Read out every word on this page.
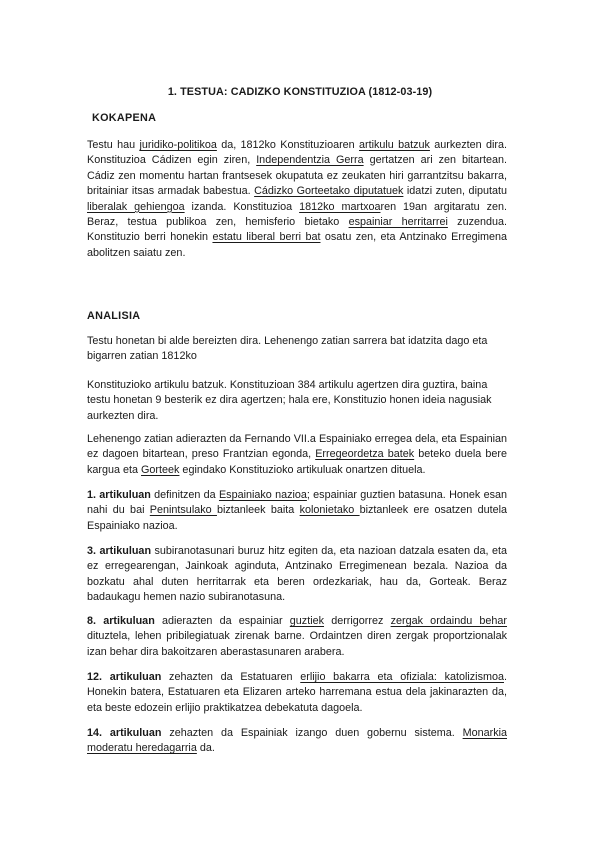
1. TESTUA: CADIZKO KONSTITUZIOA (1812-03-19)
KOKAPENA

Testu hau juridiko-politikoa da, 1812ko Konstituzioaren artikulu batzuk aurkezten dira. Konstituzioa Cádizen egin ziren, Independentzia Gerra gertatzen ari zen bitartean. Cádiz zen momentu hartan frantsesek okupatuta ez zeukaten hiri garrantzitsu bakarra, britainiar itsas armadak babestua. Cádizko Gorteetako diputatuek idatzi zuten, diputatu liberalak gehiengoa izanda. Konstituzioa 1812ko martxoaren 19an argitaratu zen. Beraz, testua publikoa zen, hemisferio bietako espainiar herritarrei zuzendua. Konstituzio berri honekin estatu liberal berri bat osatu zen, eta Antzinako Erregimena abolitzen saiatu zen.

ANALISIA

Testu honetan bi alde bereizten dira. Lehenengo zatian sarrera bat idatzita dago eta bigarren zatian 1812ko

Konstituzioko artikulu batzuk. Konstituzioan 384 artikulu agertzen dira guztira, baina testu honetan 9 besterik ez dira agertzen; hala ere, Konstituzio honen ideia nagusiak aurkezten dira.

Lehenengo zatian adierazten da Fernando VII.a Espainiako erregea dela, eta Espainian ez dagoen bitartean, preso Frantzian egonda, Erregeordetza batek beteko duela bere kargua eta Gorteek egindako Konstituzioko artikuluak onartzen dituela.

1. artikuluan definitzen da Espainiako nazioa; espainiar guztien batasuna. Honek esan nahi du bai Penintsulako biztanleek baita kolonietako biztanleek ere osatzen dutela Espainiako nazioa.

3. artikuluan subiranotasunari buruz hitz egiten da, eta nazioan datzala esaten da, eta ez erregearengan, Jainkoak aginduta, Antzinako Erregimenean bezala. Nazioa da bozkatu ahal duten herritarrak eta beren ordezkariak, hau da, Gorteak. Beraz badaukagu hemen nazio subiranotasuna.

8. artikuluan adierazten da espainiar guztiek derrigorrez zergak ordaindu behar dituztela, lehen pribilegiatuak zirenak barne. Ordaintzen diren zergak proportzionalak izan behar dira bakoitzaren aberastasunaren arabera.

12. artikuluan zehazten da Estatuaren erlijio bakarra eta ofiziala: katolizismoa. Honekin batera, Estatuaren eta Elizaren arteko harremana estua dela jakinarazten da, eta beste edozein erlijio praktikatzea debekatuta dagoela.

14. artikuluan zehazten da Espainiak izango duen gobernu sistema. Monarkia moderatu heredagarria da.
